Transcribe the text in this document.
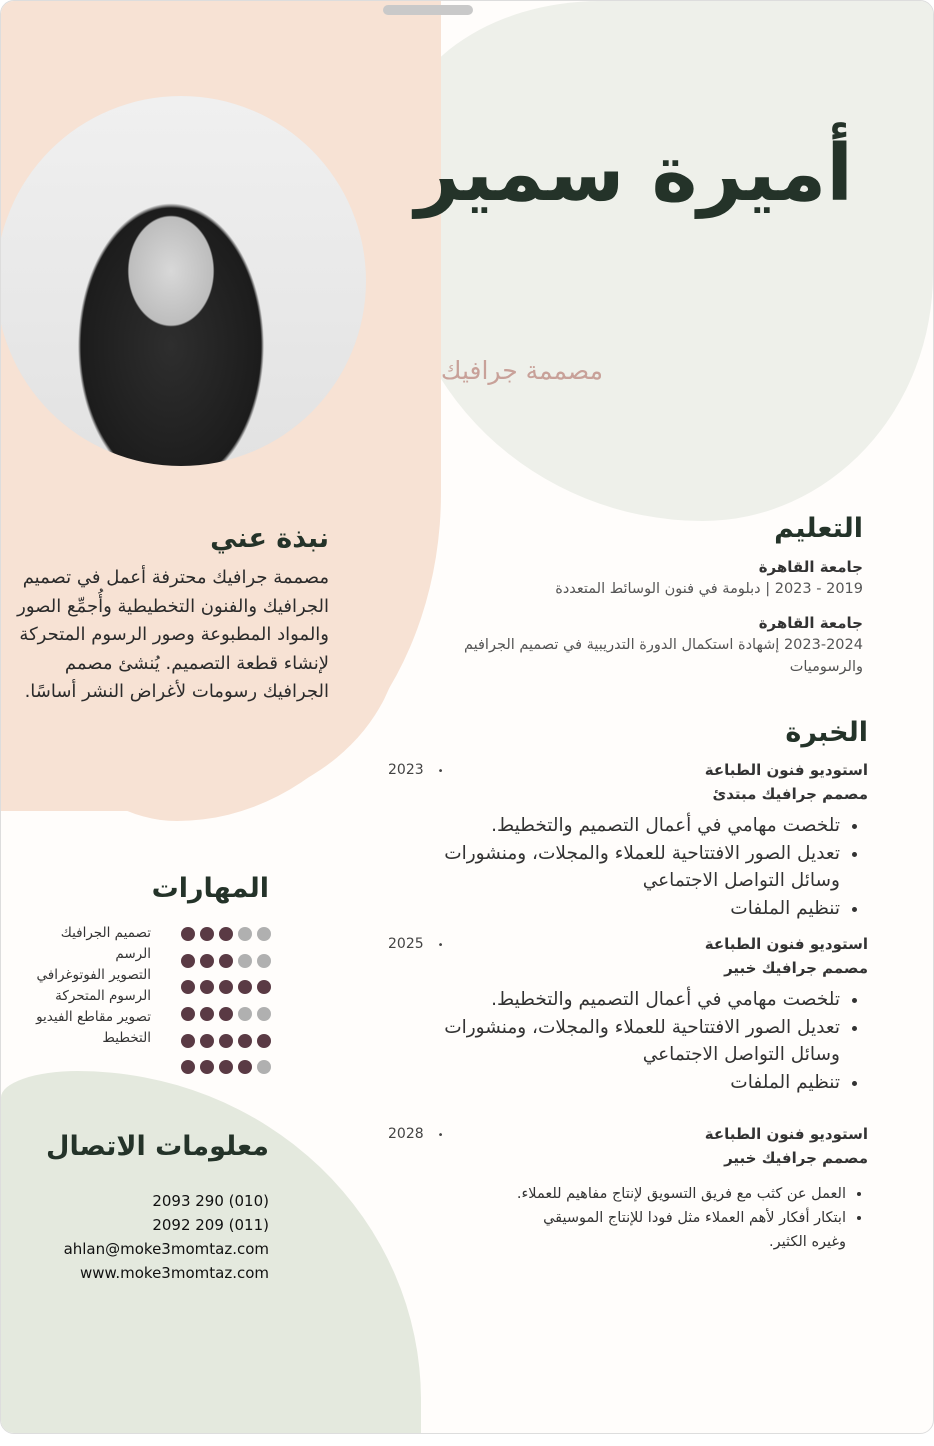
أميرة سمير
مصممة جرافيك
نبذة عني

مصممة جرافيك محترفة أعمل في تصميم الجرافيك والفنون التخطيطية وأُجمِّع الصور والمواد المطبوعة وصور الرسوم المتحركة لإنشاء قطعة التصميم. يُنشئ مصمم الجرافيك رسومات لأغراض النشر أساسًا.

التعليم
جامعة القاهرة
2019 - 2023 | دبلومة في فنون الوسائط المتعددة
جامعة القاهرة
2023-2024 إشهادة استكمال الدورة التدريبية في تصميم الجرافيم والرسوميات
الخبرة
2023 •	استوديو فنون الطباعة
مصمم جرافيك مبتدئ
• تلخصت مهامي في أعمال التصميم والتخطيط.
• تعديل الصور الافتتاحية للعملاء والمجلات، ومنشورات وسائل التواصل الاجتماعي
• تنظيم الملفات
2025 •	استوديو فنون الطباعة
مصمم جرافيك خبير
• تلخصت مهامي في أعمال التصميم والتخطيط.
• تعديل الصور الافتتاحية للعملاء والمجلات، ومنشورات وسائل التواصل الاجتماعي
• تنظيم الملفات
2028 •	استوديو فنون الطباعة
مصمم جرافيك خبير
• العمل عن كثب مع فريق التسويق لإنتاج مفاهيم للعملاء.
• ابتكار أفكار لأهم العملاء مثل فودا للإنتاج الموسيقي وغيره الكثير.
المهارات
تصميم الجرافيك
الرسم
التصوير الفوتوغرافي
الرسوم المتحركة
تصوير مقاطع الفيديو
التخطيط
معلومات الاتصال
2093 290 (010)
2092 209 (011)
ahlan@moke3momtaz.com
www.moke3momtaz.com
